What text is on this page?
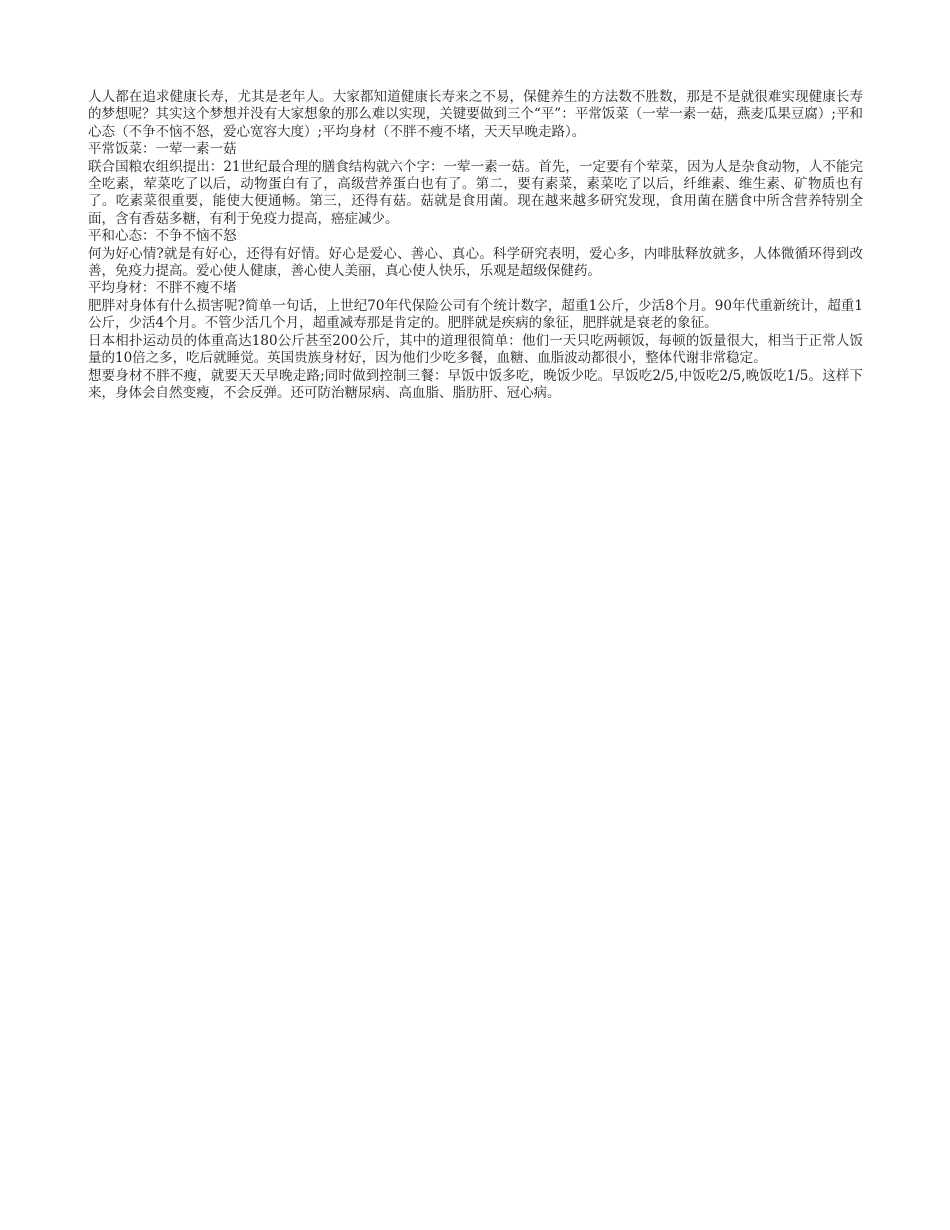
人人都在追求健康长寿，尤其是老年人。大家都知道健康长寿来之不易，保健养生的方法数不胜数，那是不是就很难实现健康长寿的梦想呢？其实这个梦想并没有大家想象的那么难以实现，关键要做到三个“平”：平常饭菜（一荤一素一菇，燕麦瓜果豆腐）;平和心态（不争不恼不怒，爱心宽容大度）;平均身材（不胖不瘦不堵，天天早晚走路）。

平常饭菜：一荤一素一菇

联合国粮农组织提出：21世纪最合理的膳食结构就六个字：一荤一素一菇。首先，一定要有个荤菜，因为人是杂食动物，人不能完全吃素，荤菜吃了以后，动物蛋白有了，高级营养蛋白也有了。第二，要有素菜，素菜吃了以后，纤维素、维生素、矿物质也有了。吃素菜很重要，能使大便通畅。第三，还得有菇。菇就是食用菌。现在越来越多研究发现，食用菌在膳食中所含营养特别全面，含有香菇多糖，有利于免疫力提高，癌症减少。

平和心态：不争不恼不怒

何为好心情?就是有好心，还得有好情。好心是爱心、善心、真心。科学研究表明，爱心多，内啡肽释放就多，人体微循环得到改善，免疫力提高。爱心使人健康，善心使人美丽，真心使人快乐，乐观是超级保健药。

平均身材：不胖不瘦不堵

肥胖对身体有什么损害呢?简单一句话，上世纪70年代保险公司有个统计数字，超重1公斤，少活8个月。90年代重新统计，超重1公斤，少活4个月。不管少活几个月，超重减寿那是肯定的。肥胖就是疾病的象征，肥胖就是衰老的象征。

日本相扑运动员的体重高达180公斤甚至200公斤，其中的道理很简单：他们一天只吃两顿饭，每顿的饭量很大，相当于正常人饭量的10倍之多，吃后就睡觉。英国贵族身材好，因为他们少吃多餐，血糖、血脂波动都很小，整体代谢非常稳定。

想要身材不胖不瘦，就要天天早晚走路;同时做到控制三餐：早饭中饭多吃，晚饭少吃。早饭吃2/5,中饭吃2/5,晚饭吃1/5。这样下来，身体会自然变瘦，不会反弹。还可防治糖尿病、高血脂、脂肪肝、冠心病。
